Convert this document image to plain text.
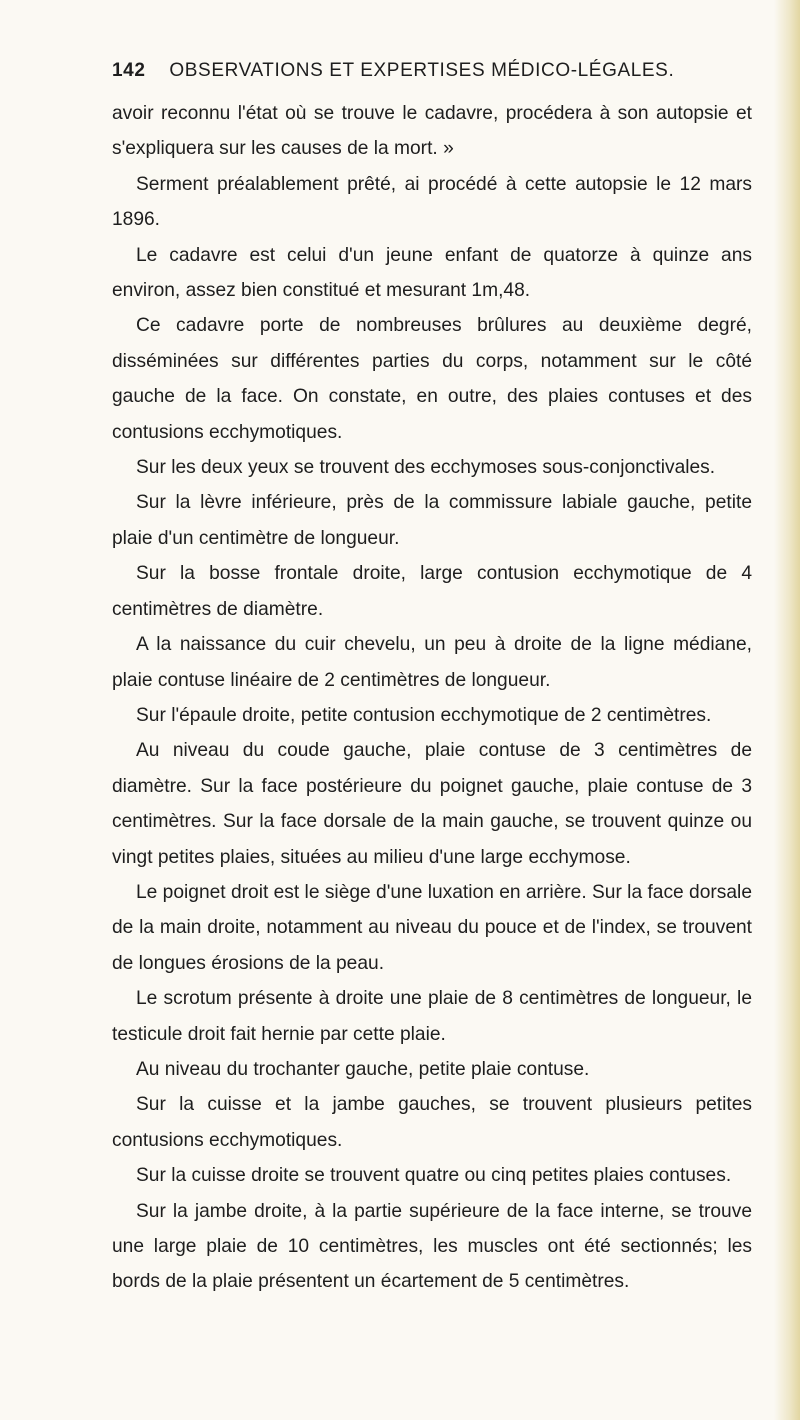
142 OBSERVATIONS ET EXPERTISES MÉDICO-LÉGALES.

avoir reconnu l'état où se trouve le cadavre, procédera à son autopsie et s'expliquera sur les causes de la mort. »

Serment préalablement prêté, ai procédé à cette autopsie le 12 mars 1896.

Le cadavre est celui d'un jeune enfant de quatorze à quinze ans environ, assez bien constitué et mesurant 1m,48.

Ce cadavre porte de nombreuses brûlures au deuxième degré, disséminées sur différentes parties du corps, notamment sur le côté gauche de la face. On constate, en outre, des plaies contuses et des contusions ecchymotiques.

Sur les deux yeux se trouvent des ecchymoses sous-conjonctivales.

Sur la lèvre inférieure, près de la commissure labiale gauche, petite plaie d'un centimètre de longueur.

Sur la bosse frontale droite, large contusion ecchymotique de 4 centimètres de diamètre.

A la naissance du cuir chevelu, un peu à droite de la ligne médiane, plaie contuse linéaire de 2 centimètres de longueur.

Sur l'épaule droite, petite contusion ecchymotique de 2 centimètres.

Au niveau du coude gauche, plaie contuse de 3 centimètres de diamètre. Sur la face postérieure du poignet gauche, plaie contuse de 3 centimètres. Sur la face dorsale de la main gauche, se trouvent quinze ou vingt petites plaies, situées au milieu d'une large ecchymose.

Le poignet droit est le siège d'une luxation en arrière. Sur la face dorsale de la main droite, notamment au niveau du pouce et de l'index, se trouvent de longues érosions de la peau.

Le scrotum présente à droite une plaie de 8 centimètres de longueur, le testicule droit fait hernie par cette plaie.

Au niveau du trochanter gauche, petite plaie contuse.

Sur la cuisse et la jambe gauches, se trouvent plusieurs petites contusions ecchymotiques.

Sur la cuisse droite se trouvent quatre ou cinq petites plaies contuses.

Sur la jambe droite, à la partie supérieure de la face interne, se trouve une large plaie de 10 centimètres, les muscles ont été sectionnés; les bords de la plaie présentent un écartement de 5 centimètres.
